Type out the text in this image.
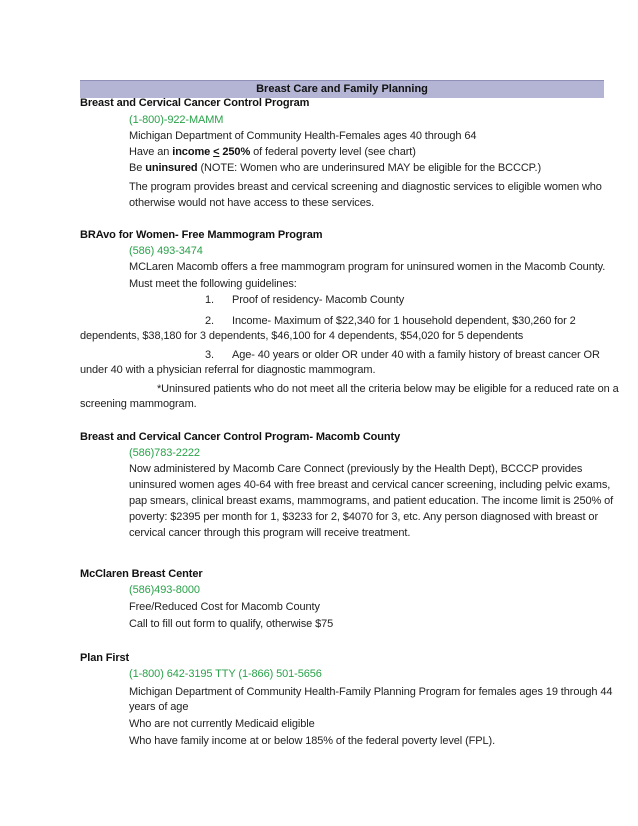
Breast Care and Family Planning
Breast and Cervical Cancer Control Program
(1-800)-922-MAMM
Michigan Department of Community Health-Females ages 40 through 64
Have an income < 250% of federal poverty level (see chart)
Be uninsured (NOTE: Women who are underinsured MAY be eligible for the BCCCP.)
The program provides breast and cervical screening and diagnostic services to eligible women who
otherwise would not have access to these services.
BRAvo for Women- Free Mammogram Program
(586) 493-3474
MCLaren Macomb offers a free mammogram program for uninsured women in the Macomb County.
Must meet the following guidelines:
1. Proof of residency- Macomb County
2. Income- Maximum of $22,340 for 1 household dependent, $30,260 for 2
dependents, $38,180 for 3 dependents, $46,100 for 4 dependents, $54,020 for 5 dependents
3. Age- 40 years or older OR under 40 with a family history of breast cancer OR
under 40 with a physician referral for diagnostic mammogram.
*Uninsured patients who do not meet all the criteria below may be eligible for a reduced rate on a
screening mammogram.
Breast and Cervical Cancer Control Program- Macomb County
(586)783-2222
Now administered by Macomb Care Connect (previously by the Health Dept), BCCCP provides
uninsured women ages 40-64 with free breast and cervical cancer screening, including pelvic exams,
pap smears, clinical breast exams, mammograms, and patient education. The income limit is 250% of
poverty: $2395 per month for 1, $3233 for 2, $4070 for 3, etc. Any person diagnosed with breast or
cervical cancer through this program will receive treatment.
McClaren Breast Center
(586)493-8000
Free/Reduced Cost for Macomb County
Call to fill out form to qualify, otherwise $75
Plan First
(1-800) 642-3195 TTY (1-866) 501-5656
Michigan Department of Community Health-Family Planning Program for females ages 19 through 44
years of age
Who are not currently Medicaid eligible
Who have family income at or below 185% of the federal poverty level (FPL).
